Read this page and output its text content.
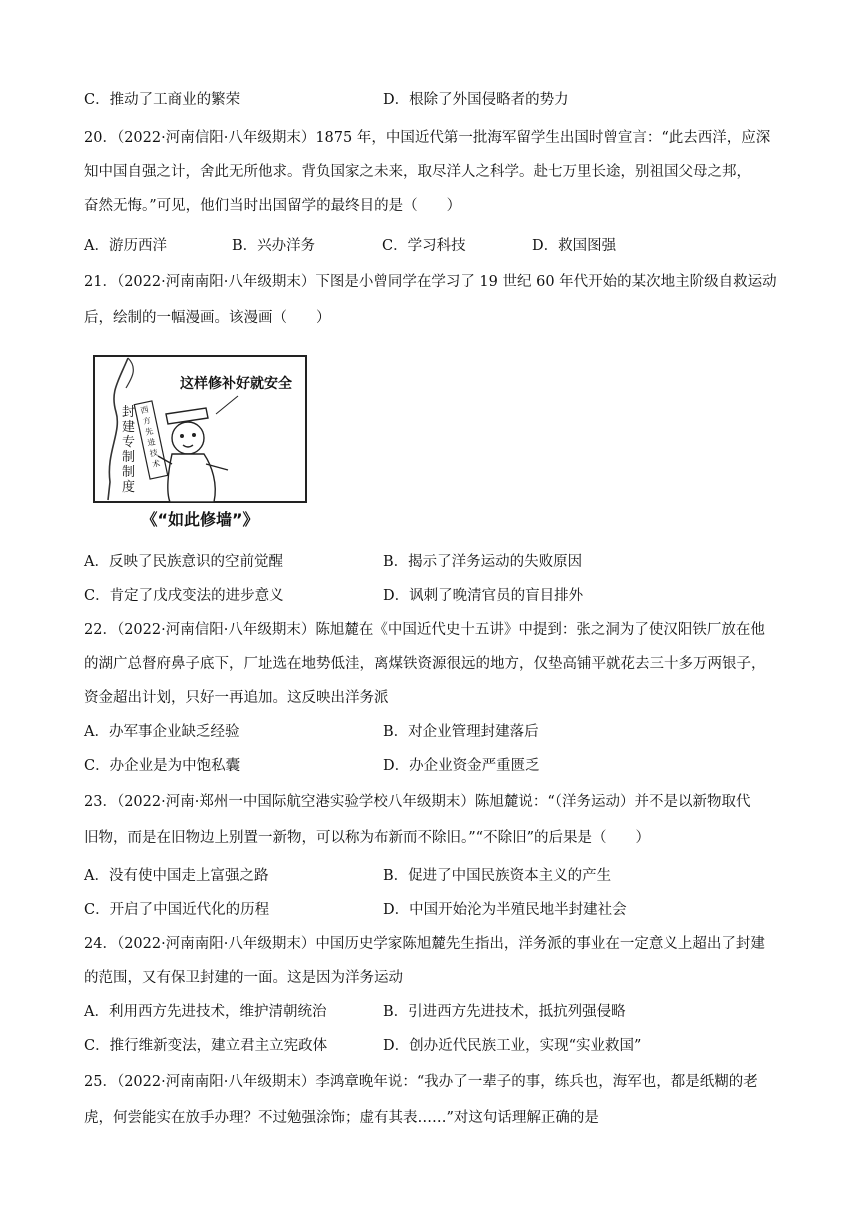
C．推动了工商业的繁荣	D．根除了外国侵略者的势力
20．（2022·河南信阳·八年级期末）1875 年，中国近代第一批海军留学生出国时曾宣言：“此去西洋，应深
知中国自强之计，舍此无所他求。背负国家之未来，取尽洋人之科学。赴七万里长途，别祖国父母之邦，
奋然无悔。”可见，他们当时出国留学的最终目的是（　　）
A．游历西洋	B．兴办洋务	C．学习科技	D．救国图强
21．（2022·河南南阳·八年级期末）下图是小曾同学在学习了 19 世纪 60 年代开始的某次地主阶级自救运动
后，绘制的一幅漫画。该漫画（　　）
封建专制制度
西方先进技术
这样修补好就安全
《“如此修墙”》
A．反映了民族意识的空前觉醒	B．揭示了洋务运动的失败原因
C．肯定了戊戌变法的进步意义	D．讽刺了晚清官员的盲目排外
22．（2022·河南信阳·八年级期末）陈旭麓在《中国近代史十五讲》中提到：张之洞为了使汉阳铁厂放在他
的湖广总督府鼻子底下，厂址选在地势低洼，离煤铁资源很远的地方，仅垫高铺平就花去三十多万两银子，
资金超出计划，只好一再追加。这反映出洋务派
A．办军事企业缺乏经验	B．对企业管理封建落后
C．办企业是为中饱私囊	D．办企业资金严重匮乏
23．（2022·河南·郑州一中国际航空港实验学校八年级期末）陈旭麓说：“（洋务运动）并不是以新物取代
旧物，而是在旧物边上别置一新物，可以称为布新而不除旧。”“不除旧”的后果是（　　）
A．没有使中国走上富强之路	B．促进了中国民族资本主义的产生
C．开启了中国近代化的历程	D．中国开始沦为半殖民地半封建社会
24．（2022·河南南阳·八年级期末）中国历史学家陈旭麓先生指出，洋务派的事业在一定意义上超出了封建
的范围，又有保卫封建的一面。这是因为洋务运动
A．利用西方先进技术，维护清朝统治	B．引进西方先进技术，抵抗列强侵略
C．推行维新变法，建立君主立宪政体	D．创办近代民族工业，实现“实业救国”
25．（2022·河南南阳·八年级期末）李鸿章晚年说：“我办了一辈子的事，练兵也，海军也，都是纸糊的老
虎，何尝能实在放手办理？不过勉强涂饰；虚有其表……”对这句话理解正确的是
